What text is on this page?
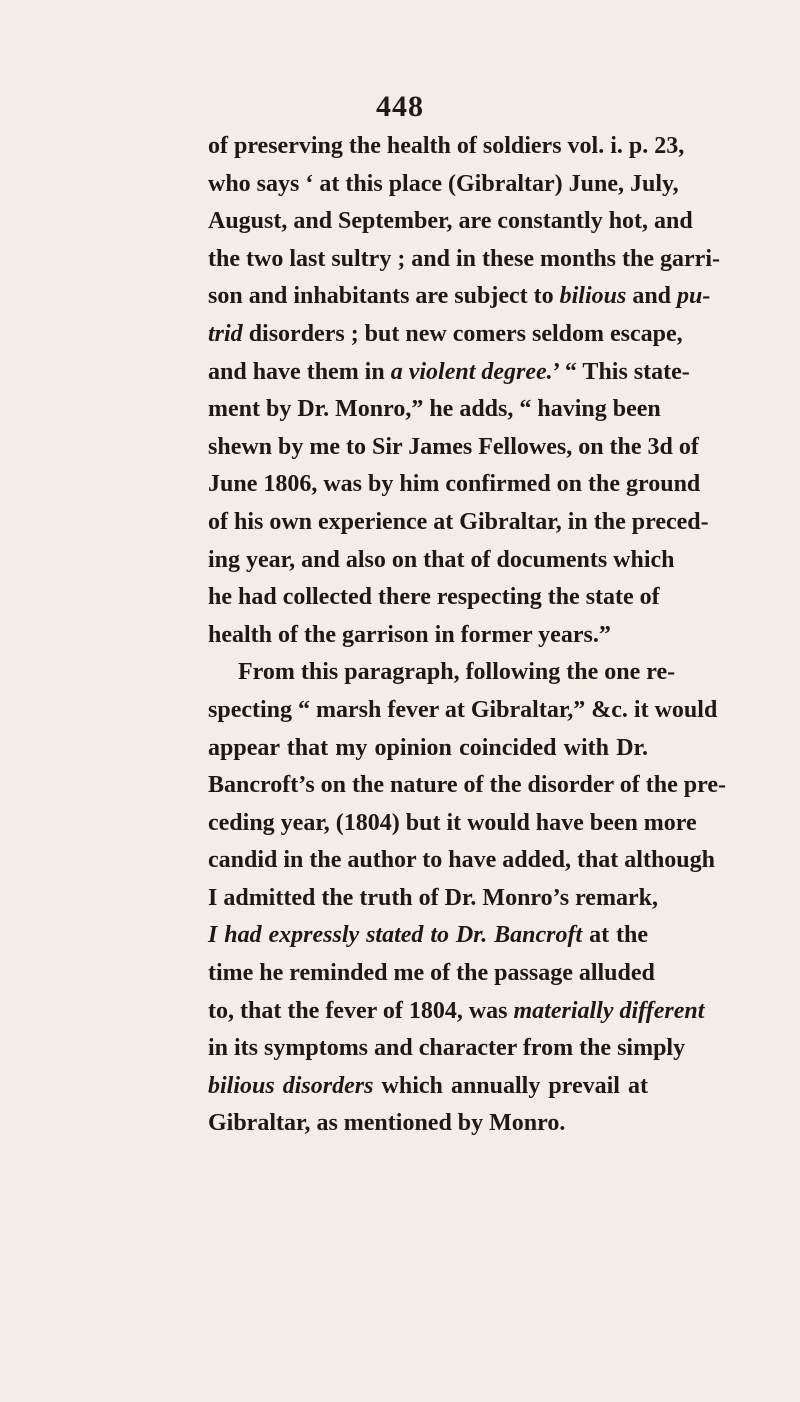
448
of preserving the health of soldiers vol. i. p. 23,
who says ‘ at this place (Gibraltar) June, July,
August, and September, are constantly hot, and
the two last sultry ; and in these months the garri-
son and inhabitants are subject to bilious and pu-
trid disorders ; but new comers seldom escape,
and have them in a violent degree.’ “ This state-
ment by Dr. Monro,” he adds, “ having been
shewn by me to Sir James Fellowes, on the 3d of
June 1806, was by him confirmed on the ground
of his own experience at Gibraltar, in the preced-
ing year, and also on that of documents which
he had collected there respecting the state of
health of the garrison in former years.”
From this paragraph, following the one re-
specting “ marsh fever at Gibraltar,” &c. it would
appear that my opinion coincided with Dr.
Bancroft’s on the nature of the disorder of the pre-
ceding year, (1804) but it would have been more
candid in the author to have added, that although
I admitted the truth of Dr. Monro’s remark,
I had expressly stated to Dr. Bancroft at the
time he reminded me of the passage alluded
to, that the fever of 1804, was materially different
in its symptoms and character from the simply
bilious disorders which annually prevail at
Gibraltar, as mentioned by Monro.
